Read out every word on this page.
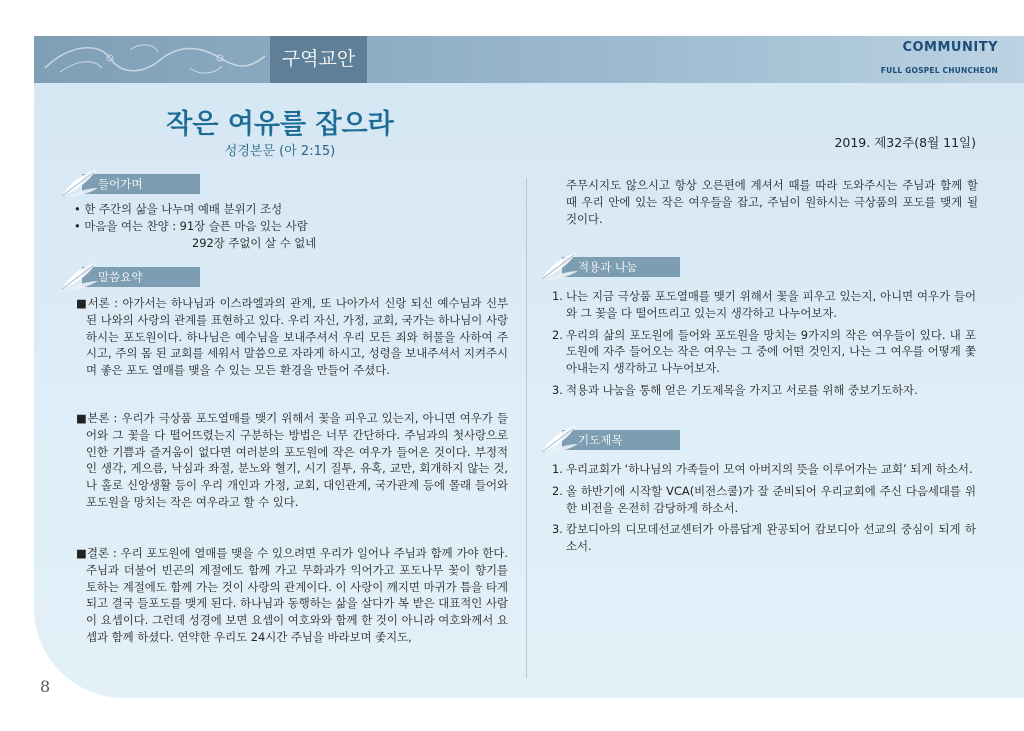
구역교안
COMMUNITY
FULL GOSPEL CHUNCHEON
작은 여유를 잡으라
성경본문 (아 2:15)
2019. 제32주(8월 11일)
들어가며

• 한 주간의 삶을 나누며 예배 분위기 조성

• 마음을 여는 찬양 : 91장 슬픈 마음 있는 사람

292장 주없이 살 수 없네

말씀요약
■서론 : 아가서는 하나님과 이스라엘과의 관계, 또 나아가서 신랑 되신 예수님과 신부된 나와의 사랑의 관계를 표현하고 있다. 우리 자신, 가정, 교회, 국가는 하나님이 사랑하시는 포도원이다. 하나님은 예수님을 보내주셔서 우리 모든 죄와 허물을 사하여 주시고, 주의 몸 된 교회를 세워서 말씀으로 자라게 하시고, 성령을 보내주셔서 지켜주시며 좋은 포도 열매를 맺을 수 있는 모든 환경을 만들어 주셨다.
■본론 : 우리가 극상품 포도열매를 맺기 위해서 꽃을 피우고 있는지, 아니면 여우가 들어와 그 꽃을 다 떨어뜨렸는지 구분하는 방법은 너무 간단하다. 주님과의 첫사랑으로 인한 기쁨과 즐거움이 없다면 여러분의 포도원에 작은 여우가 들어온 것이다. 부정적인 생각, 게으름, 낙심과 좌절, 분노와 혈기, 시기 질투, 유혹, 교만, 회개하지 않는 것, 나 홀로 신앙생활 등이 우리 개인과 가정, 교회, 대인관계, 국가관계 등에 몰래 들어와 포도원을 망치는 작은 여우라고 할 수 있다.
■결론 : 우리 포도원에 열매를 맺을 수 있으려면 우리가 일어나 주님과 함께 가야 한다. 주님과 더불어 빈곤의 계절에도 함께 가고 무화과가 익어가고 포도나무 꽃이 향기를 토하는 계절에도 함께 가는 것이 사랑의 관계이다. 이 사랑이 깨지면 마귀가 틈을 타게 되고 결국 들포도를 맺게 된다. 하나님과 동행하는 삶을 살다가 복 받은 대표적인 사람이 요셉이다. 그런데 성경에 보면 요셉이 여호와와 함께 한 것이 아니라 여호와께서 요셉과 함께 하셨다. 연약한 우리도 24시간 주님을 바라보며 좇지도,
주무시지도 않으시고 항상 오른편에 계셔서 때를 따라 도와주시는 주님과 함께 할 때 우리 안에 있는 작은 여우들을 잡고, 주님이 원하시는 극상품의 포도를 맺게 될 것이다.
적용과 나눔
1. 나는 지금 극상품 포도열매를 맺기 위해서 꽃을 피우고 있는지, 아니면 여우가 들어와 그 꽃을 다 떨어뜨리고 있는지 생각하고 나누어보자.
2. 우리의 삶의 포도원에 들어와 포도원을 망치는 9가지의 작은 여우들이 있다. 내 포도원에 자주 들어오는 작은 여우는 그 중에 어떤 것인지, 나는 그 여우를 어떻게 쫓아내는지 생각하고 나누어보자.
3. 적용과 나눔을 통해 얻은 기도제목을 가지고 서로를 위해 중보기도하자.
기도제목
1. 우리교회가 ‘하나님의 가족들이 모여 아버지의 뜻을 이루어가는 교회’ 되게 하소서.
2. 올 하반기에 시작할 VCA(비전스쿨)가 잘 준비되어 우리교회에 주신 다음세대를 위한 비전을 온전히 감당하게 하소서.
3. 캄보디아의 디모데선교센터가 아름답게 완공되어 캄보디아 선교의 중심이 되게 하소서.
8
